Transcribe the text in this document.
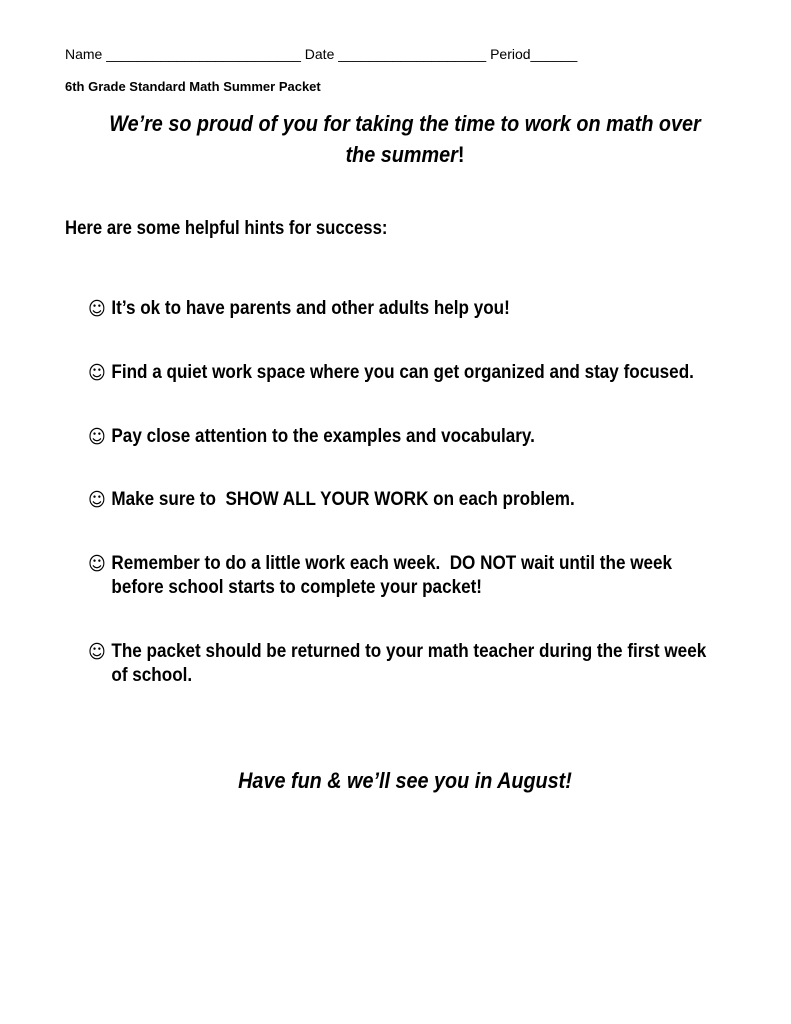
Name _________________________ Date ___________________ Period______
6th Grade Standard Math Summer Packet
We’re so proud of you for taking the time to work on math over the summer!
Here are some helpful hints for success:
☺ It’s ok to have parents and other adults help you!
☺ Find a quiet work space where you can get organized and stay focused.
☺ Pay close attention to the examples and vocabulary.
☺ Make sure to  SHOW ALL YOUR WORK on each problem.
☺ Remember to do a little work each week.  DO NOT wait until the week before school starts to complete your packet!
☺ The packet should be returned to your math teacher during the first week of school.
Have fun & we’ll see you in August!
